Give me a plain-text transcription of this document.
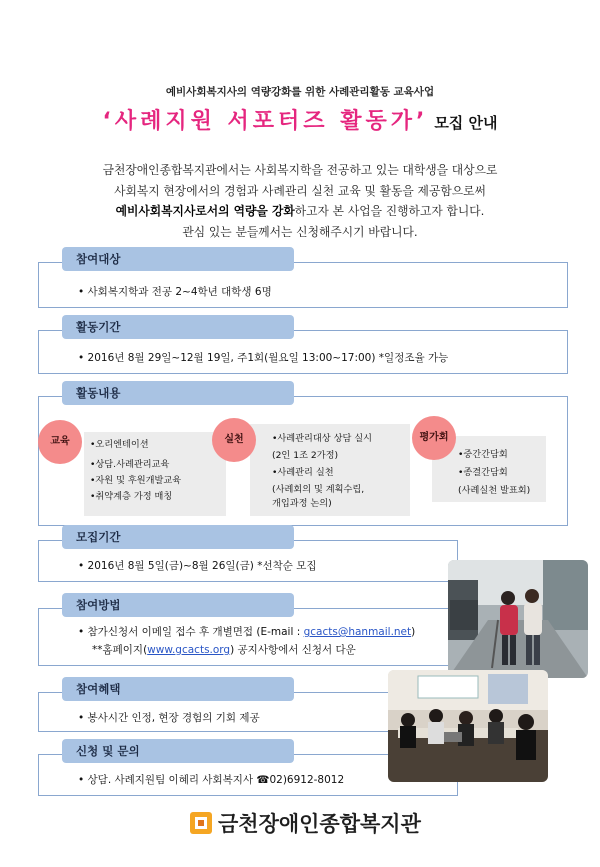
예비사회복지사의 역량강화를 위한 사례관리활동 교육사업
‘사례지원 서포터즈 활동가’ 모집 안내
금천장애인종합복지관에서는 사회복지학을 전공하고 있는 대학생을 대상으로
사회복지 현장에서의 경험과 사례관리 실천 교육 및 활동을 제공함으로써
예비사회복지사로서의 역량을 강화하고자 본 사업을 진행하고자 합니다.
관심 있는 분들께서는 신청해주시기 바랍니다.
참여대상
• 사회복지학과 전공 2~4학년 대학생 6명
활동기간
• 2016년 8월 29일~12월 19일, 주1회(월요일 13:00~17:00) *일정조율 가능
활동내용
교육	•오리엔테이션
•상담.사례관리교육
•자원 및 후원개발교육
•취약계층 가정 매칭
실천	•사례관리대상 상담 실시
(2인 1조 2가정)
•사례관리 실천
(사례회의 및 계획수립,
개입과정 논의)
평가회
•중간간담회
•종결간담회
(사례실천 발표회)
모집기간
• 2016년 8월 5일(금)~8월 26일(금) *선착순 모집
참여방법
• 참가신청서 이메일 접수 후 개별면접 (E-mail : gcacts@hanmail.net)
**홈페이지(www.gcacts.org) 공지사항에서 신청서 다운
참여혜택
• 봉사시간 인정, 현장 경험의 기회 제공
신청 및 문의
• 상담. 사례지원팀 이혜리 사회복지사 ☎02)6912-8012
금천장애인종합복지관
